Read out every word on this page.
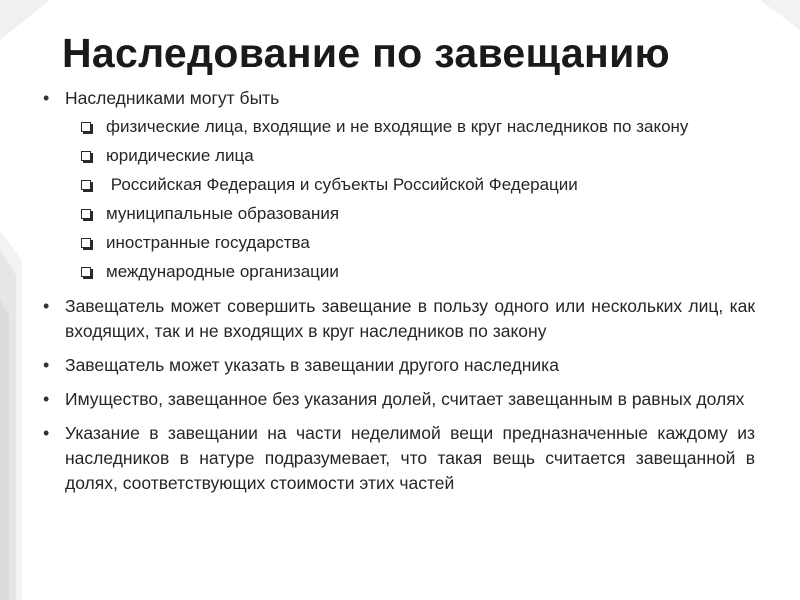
Наследование по завещанию
• Наследниками могут быть
физические лица, входящие и не входящие в круг наследников по закону
юридические лица
Российская Федерация и субъекты Российской Федерации
муниципальные образования
иностранные государства
международные организации
• Завещатель может совершить завещание в пользу одного или нескольких лиц, как входящих, так и не входящих в круг наследников по закону
• Завещатель может указать в завещании другого наследника
• Имущество, завещанное без указания долей, считает завещанным в равных долях
• Указание в завещании на части неделимой вещи предназначенные каждому из наследников в натуре подразумевает, что такая вещь считается завещанной в долях, соответствующих стоимости этих частей
